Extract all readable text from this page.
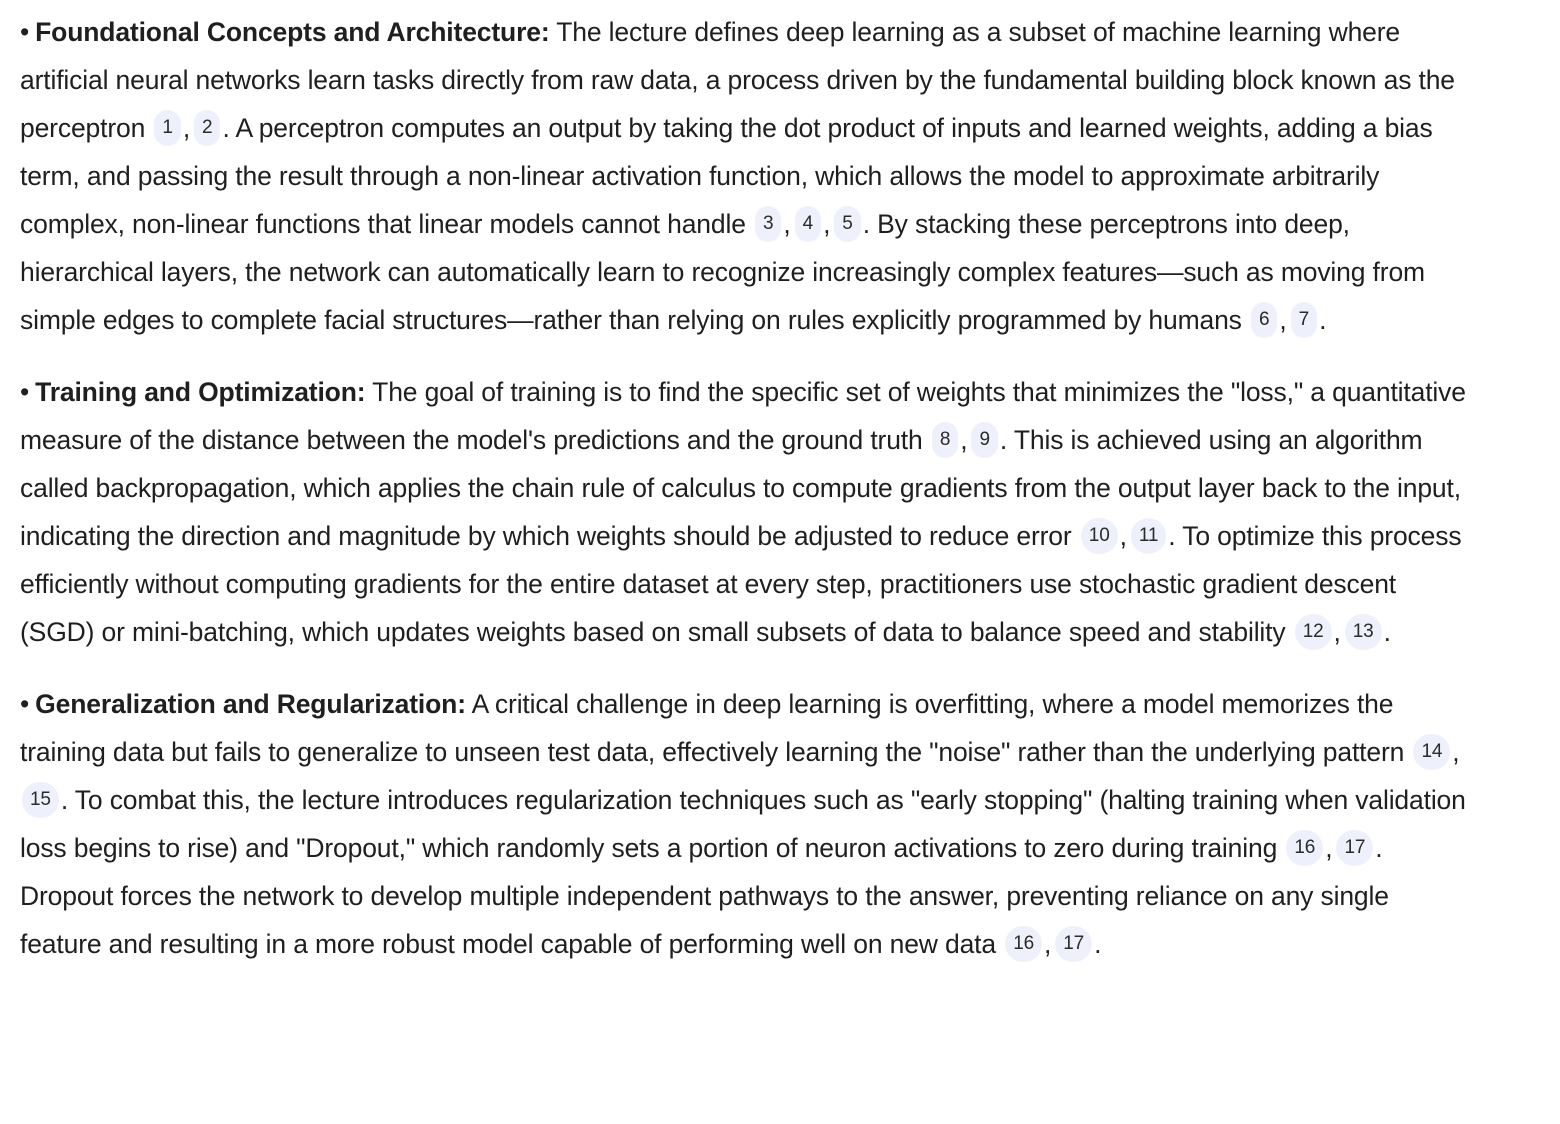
• Foundational Concepts and Architecture: The lecture defines deep learning as a subset of machine learning where artificial neural networks learn tasks directly from raw data, a process driven by the fundamental building block known as the perceptron 1 , 2 . A perceptron computes an output by taking the dot product of inputs and learned weights, adding a bias term, and passing the result through a non-linear activation function, which allows the model to approximate arbitrarily complex, non-linear functions that linear models cannot handle 3 , 4 , 5 . By stacking these perceptrons into deep, hierarchical layers, the network can automatically learn to recognize increasingly complex features—such as moving from simple edges to complete facial structures—rather than relying on rules explicitly programmed by humans 6 , 7 .

• Training and Optimization: The goal of training is to find the specific set of weights that minimizes the "loss," a quantitative measure of the distance between the model's predictions and the ground truth 8 , 9 . This is achieved using an algorithm called backpropagation, which applies the chain rule of calculus to compute gradients from the output layer back to the input, indicating the direction and magnitude by which weights should be adjusted to reduce error 10 , 11 . To optimize this process efficiently without computing gradients for the entire dataset at every step, practitioners use stochastic gradient descent (SGD) or mini-batching, which updates weights based on small subsets of data to balance speed and stability 12 , 13 .

• Generalization and Regularization: A critical challenge in deep learning is overfitting, where a model memorizes the training data but fails to generalize to unseen test data, effectively learning the "noise" rather than the underlying pattern 14 ,15 . To combat this, the lecture introduces regularization techniques such as "early stopping" (halting training when validation loss begins to rise) and "Dropout," which randomly sets a portion of neuron activations to zero during training 16 , 17 . Dropout forces the network to develop multiple independent pathways to the answer, preventing reliance on any single feature and resulting in a more robust model capable of performing well on new data 16 , 17 .
